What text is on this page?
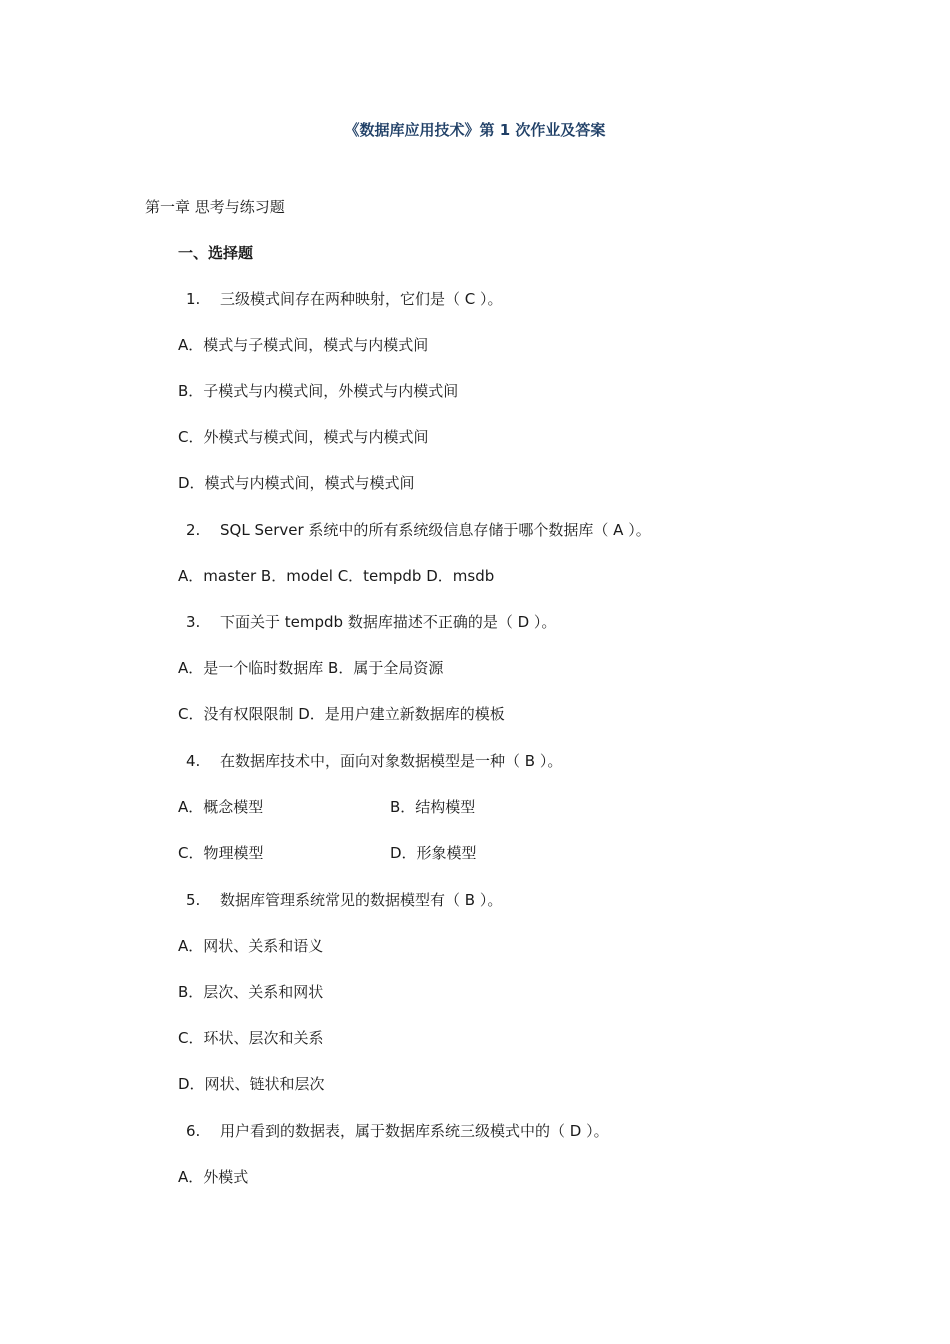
《数据库应用技术》第 1 次作业及答案
第一章 思考与练习题
一、选择题
1. 三级模式间存在两种映射，它们是（ C ）。
A．模式与子模式间，模式与内模式间
B．子模式与内模式间，外模式与内模式间
C．外模式与模式间，模式与内模式间
D．模式与内模式间，模式与模式间
2. SQL Server 系统中的所有系统级信息存储于哪个数据库（ A ）。
A．master B．model C．tempdb D．msdb
3. 下面关于 tempdb 数据库描述不正确的是（ D ）。
A．是一个临时数据库 B．属于全局资源
C．没有权限限制 D．是用户建立新数据库的模板
4. 在数据库技术中，面向对象数据模型是一种（ B ）。
A．概念模型	B．结构模型
C．物理模型	D．形象模型
5. 数据库管理系统常见的数据模型有（ B ）。
A．网状、关系和语义
B．层次、关系和网状
C．环状、层次和关系
D．网状、链状和层次
6. 用户看到的数据表，属于数据库系统三级模式中的（ D ）。
A．外模式
